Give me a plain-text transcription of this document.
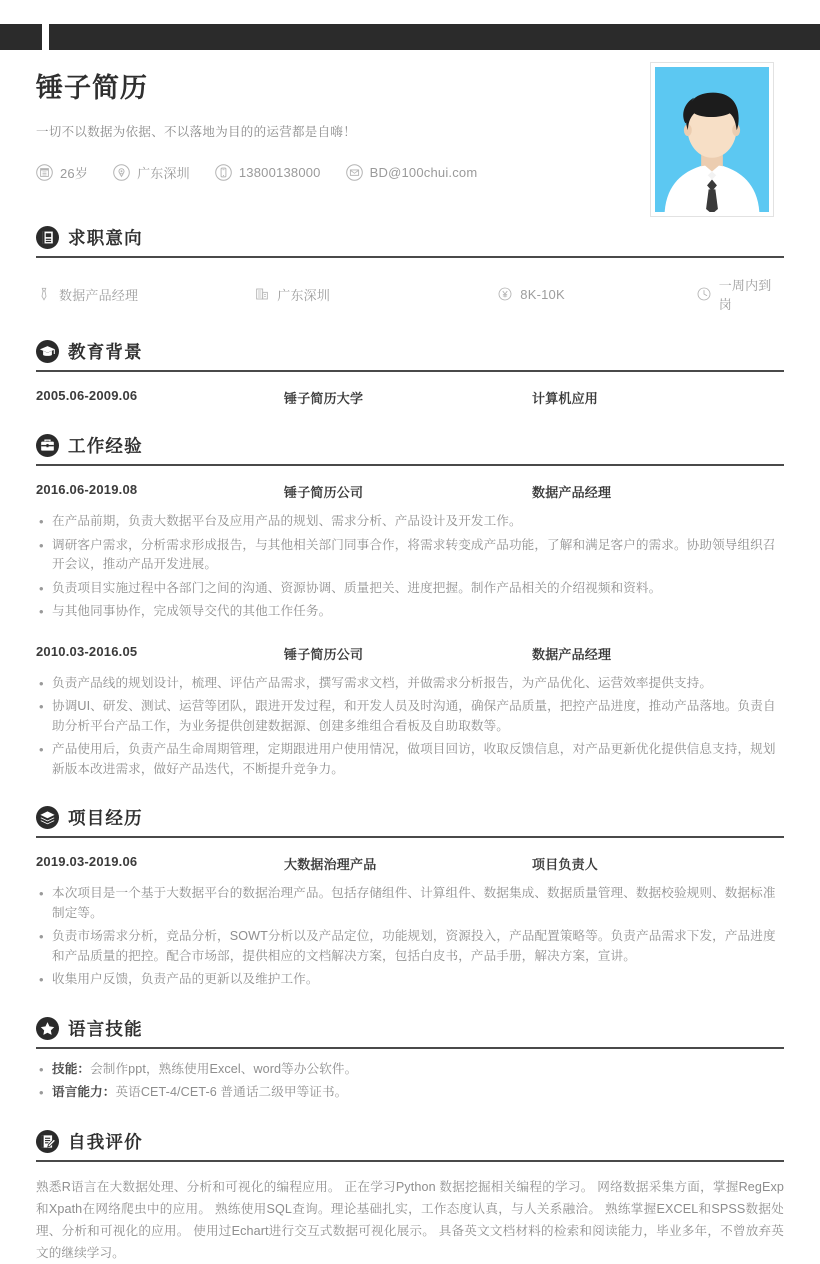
锤子简历
一切不以数据为依据、不以落地为目的的运营都是自嗨！
26岁	广东深圳	13800138000	BD@100chui.com
求职意向
数据产品经理	广东深圳	8K-10K
一周内到岗
教育背景
2005.06-2009.06	锤子简历大学	计算机应用
工作经验
2016.06-2019.08	锤子简历公司	数据产品经理
• 在产品前期，负责大数据平台及应用产品的规划、需求分析、产品设计及开发工作。
• 调研客户需求，分析需求形成报告，与其他相关部门同事合作，将需求转变成产品功能，了解和满足客户的需求。协助领导组织召开会议，推动产品开发进展。
• 负责项目实施过程中各部门之间的沟通、资源协调、质量把关、进度把握。制作产品相关的介绍视频和资料。
• 与其他同事协作，完成领导交代的其他工作任务。
2010.03-2016.05	锤子简历公司	数据产品经理
• 负责产品线的规划设计，梳理、评估产品需求，撰写需求文档，并做需求分析报告，为产品优化、运营效率提供支持。
• 协调UI、研发、测试、运营等团队，跟进开发过程，和开发人员及时沟通，确保产品质量，把控产品进度，推动产品落地。负责自助分析平台产品工作，为业务提供创建数据源、创建多维组合看板及自助取数等。
• 产品使用后，负责产品生命周期管理，定期跟进用户使用情况，做项目回访，收取反馈信息，对产品更新优化提供信息支持，规划新版本改进需求，做好产品迭代，不断提升竞争力。
项目经历
2019.03-2019.06	大数据治理产品	项目负责人
• 本次项目是一个基于大数据平台的数据治理产品。包括存储组件、计算组件、数据集成、数据质量管理、数据校验规则、数据标准制定等。
• 负责市场需求分析，竞品分析，SOWT分析以及产品定位，功能规划，资源投入，产品配置策略等。负责产品需求下发，产品进度和产品质量的把控。配合市场部，提供相应的文档解决方案，包括白皮书，产品手册，解决方案，宣讲。
• 收集用户反馈，负责产品的更新以及维护工作。
语言技能
• 技能：会制作ppt，熟练使用Excel、word等办公软件。
• 语言能力：英语CET-4/CET-6 普通话二级甲等证书。
自我评价
熟悉R语言在大数据处理、分析和可视化的编程应用。 正在学习Python 数据挖掘相关编程的学习。 网络数据采集方面，掌握RegExp 和Xpath在网络爬虫中的应用。 熟练使用SQL查询。理论基础扎实，工作态度认真，与人关系融洽。 熟练掌握EXCEL和SPSS数据处理、分析和可视化的应用。 使用过Echart进行交互式数据可视化展示。 具备英文文档材料的检索和阅读能力，毕业多年，不曾放弃英文的继续学习。
